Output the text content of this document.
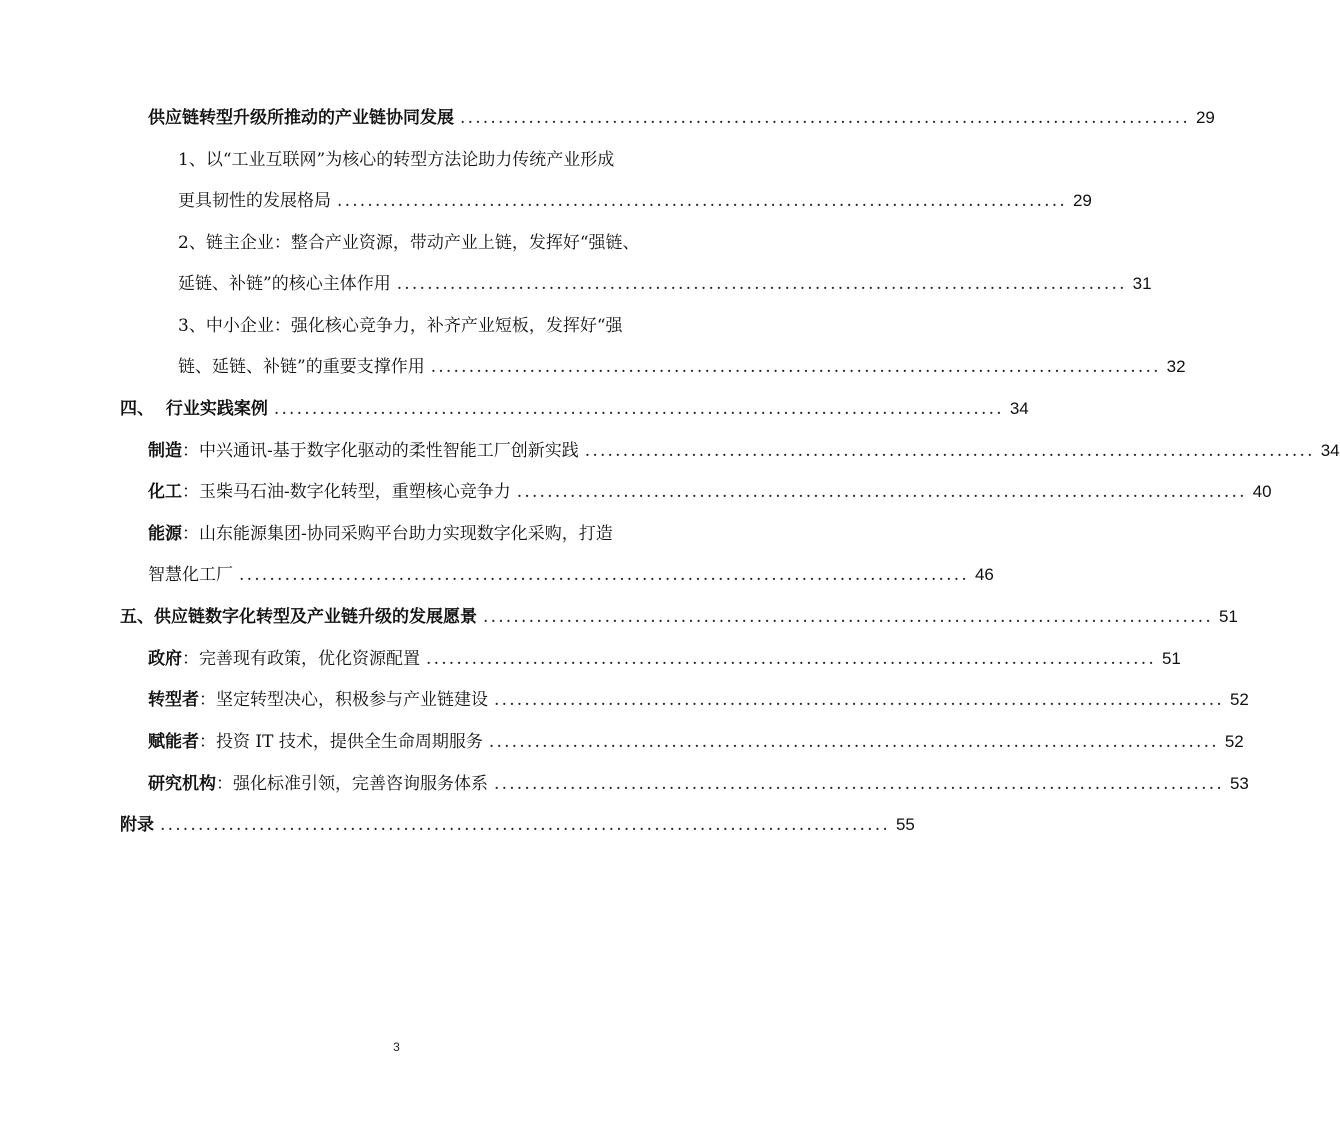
供应链转型升级所推动的产业链协同发展 ................................................................................................ 29
1、以“工业互联网”为核心的转型方法论助力传统产业形成
更具韧性的发展格局 ................................................................................................ 29
2、链主企业：整合产业资源，带动产业上链，发挥好“强链、
延链、补链”的核心主体作用 ................................................................................................ 31
3、中小企业：强化核心竞争力，补齐产业短板，发挥好“强
链、延链、补链”的重要支撑作用 ................................................................................................ 32
四、  行业实践案例 ................................................................................................ 34
制造 ：中兴通讯-基于数字化驱动的柔性智能工厂创新实践 ................................................................................................ 34
化工 ：玉柴马石油-数字化转型，重塑核心竞争力 ................................................................................................ 40
能源 ：山东能源集团-协同采购平台助力实现数字化采购，打造
智慧化工厂 ................................................................................................ 46
五、供应链数字化转型及产业链升级的发展愿景 ................................................................................................ 51
政府 ：完善现有政策，优化资源配置 ................................................................................................ 51
转型者 ：坚定转型决心，积极参与产业链建设 ................................................................................................ 52
赋能者 ：投资 IT 技术，提供全生命周期服务 ................................................................................................ 52
研究机构 ：强化标准引领，完善咨询服务体系 ................................................................................................ 53
附录 ................................................................................................ 55
3
